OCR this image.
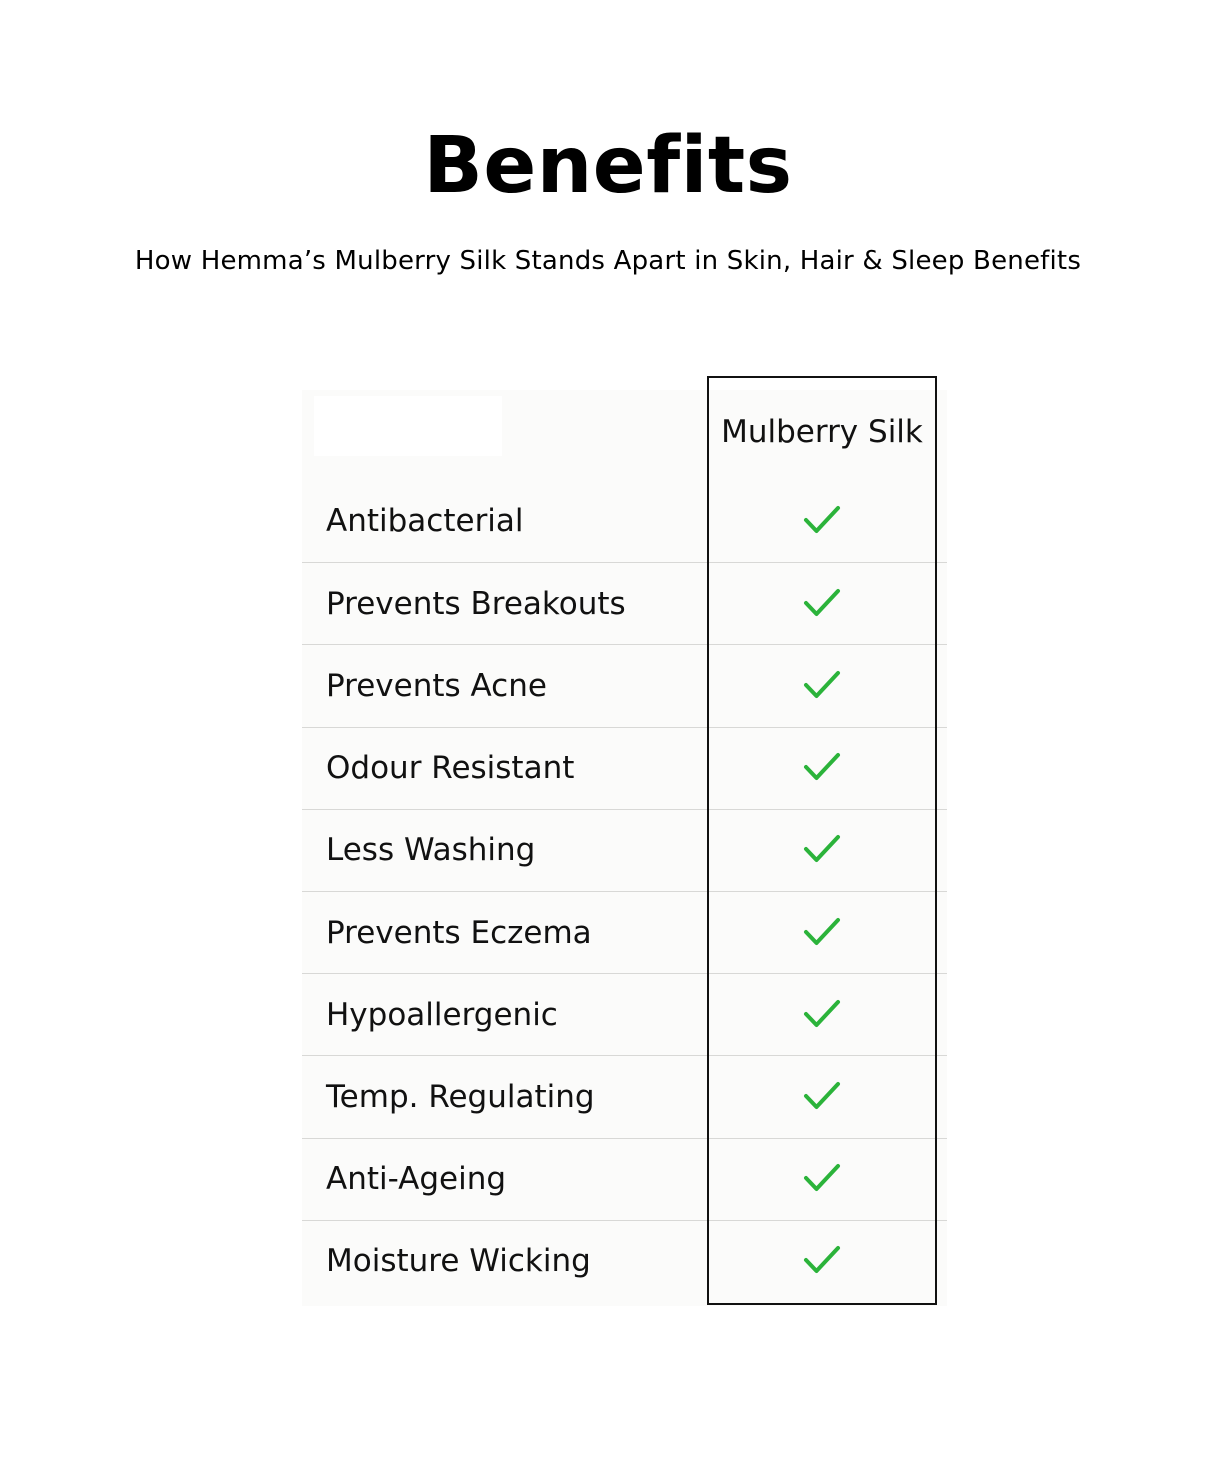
Benefits

How Hemma’s Mulberry Silk Stands Apart in Skin, Hair & Sleep Benefits

Mulberry Silk
Antibacterial
Prevents Breakouts
Prevents Acne
Odour Resistant
Less Washing
Prevents Eczema
Hypoallergenic
Temp. Regulating
Anti-Ageing
Moisture Wicking
